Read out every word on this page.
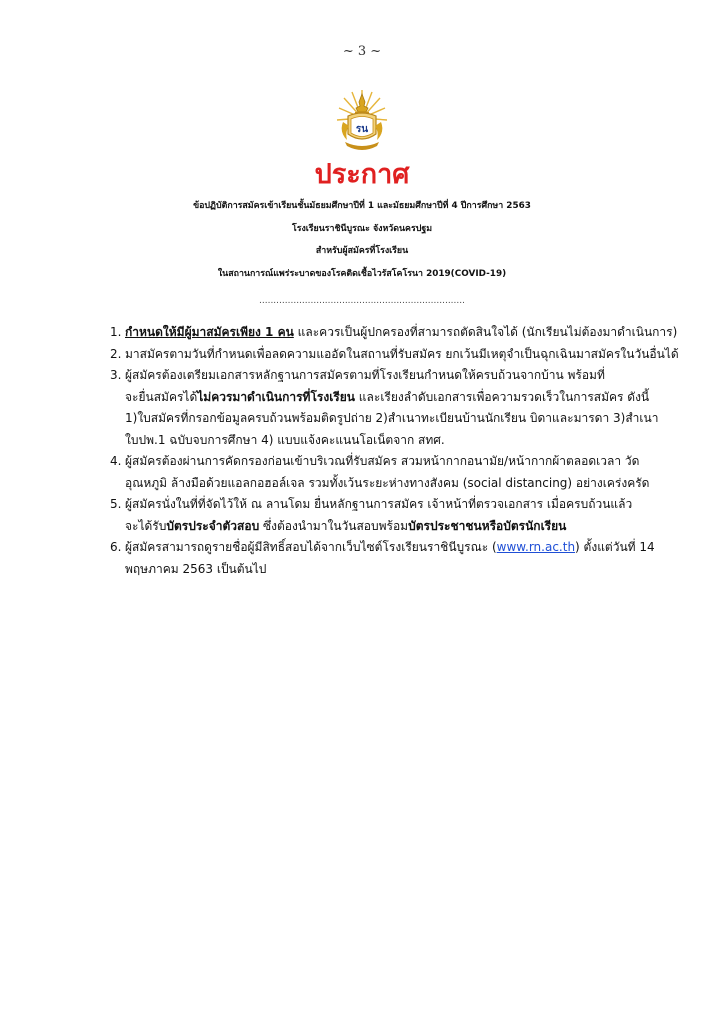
~ 3 ~
รน
ประกาศ
ข้อปฏิบัติการสมัครเข้าเรียนชั้นมัธยมศึกษาปีที่ 1 และมัธยมศึกษาปีที่ 4 ปีการศึกษา 2563
โรงเรียนราชินีบูรณะ จังหวัดนครปฐม
สำหรับผู้สมัครที่โรงเรียน
ในสถานการณ์แพร่ระบาดของโรคติดเชื้อไวรัสโคโรนา 2019(COVID-19)
........................................................................
1. กำหนดให้มีผู้มาสมัครเพียง 1 คน และควรเป็นผู้ปกครองที่สามารถตัดสินใจได้ (นักเรียนไม่ต้องมาดำเนินการ)
2. มาสมัครตามวันที่กำหนดเพื่อลดความแออัดในสถานที่รับสมัคร ยกเว้นมีเหตุจำเป็นฉุกเฉินมาสมัครในวันอื่นได้
3. ผู้สมัครต้องเตรียมเอกสารหลักฐานการสมัครตามที่โรงเรียนกำหนดให้ครบถ้วนจากบ้าน พร้อมที่
จะยื่นสมัครได้ไม่ควรมาดำเนินการที่โรงเรียน และเรียงลำดับเอกสารเพื่อความรวดเร็วในการสมัคร ดังนี้
1)ใบสมัครที่กรอกข้อมูลครบถ้วนพร้อมติดรูปถ่าย 2)สำเนาทะเบียนบ้านนักเรียน บิดาและมารดา 3)สำเนา
ใบปพ.1 ฉบับจบการศึกษา 4) แบบแจ้งคะแนนโอเน็ตจาก สทศ.
4. ผู้สมัครต้องผ่านการคัดกรองก่อนเข้าบริเวณที่รับสมัคร สวมหน้ากากอนามัย/หน้ากากผ้าตลอดเวลา วัด
อุณหภูมิ ล้างมือด้วยแอลกอฮอล์เจล รวมทั้งเว้นระยะห่างทางสังคม (social distancing) อย่างเคร่งครัด
5. ผู้สมัครนั่งในที่ที่จัดไว้ให้ ณ ลานโดม ยื่นหลักฐานการสมัคร เจ้าหน้าที่ตรวจเอกสาร เมื่อครบถ้วนแล้ว
จะได้รับบัตรประจำตัวสอบ ซึ่งต้องนำมาในวันสอบพร้อมบัตรประชาชนหรือบัตรนักเรียน
6. ผู้สมัครสามารถดูรายชื่อผู้มีสิทธิ์สอบได้จากเว็บไซต์โรงเรียนราชินีบูรณะ (www.rn.ac.th) ตั้งแต่วันที่ 14
พฤษภาคม 2563 เป็นต้นไป
